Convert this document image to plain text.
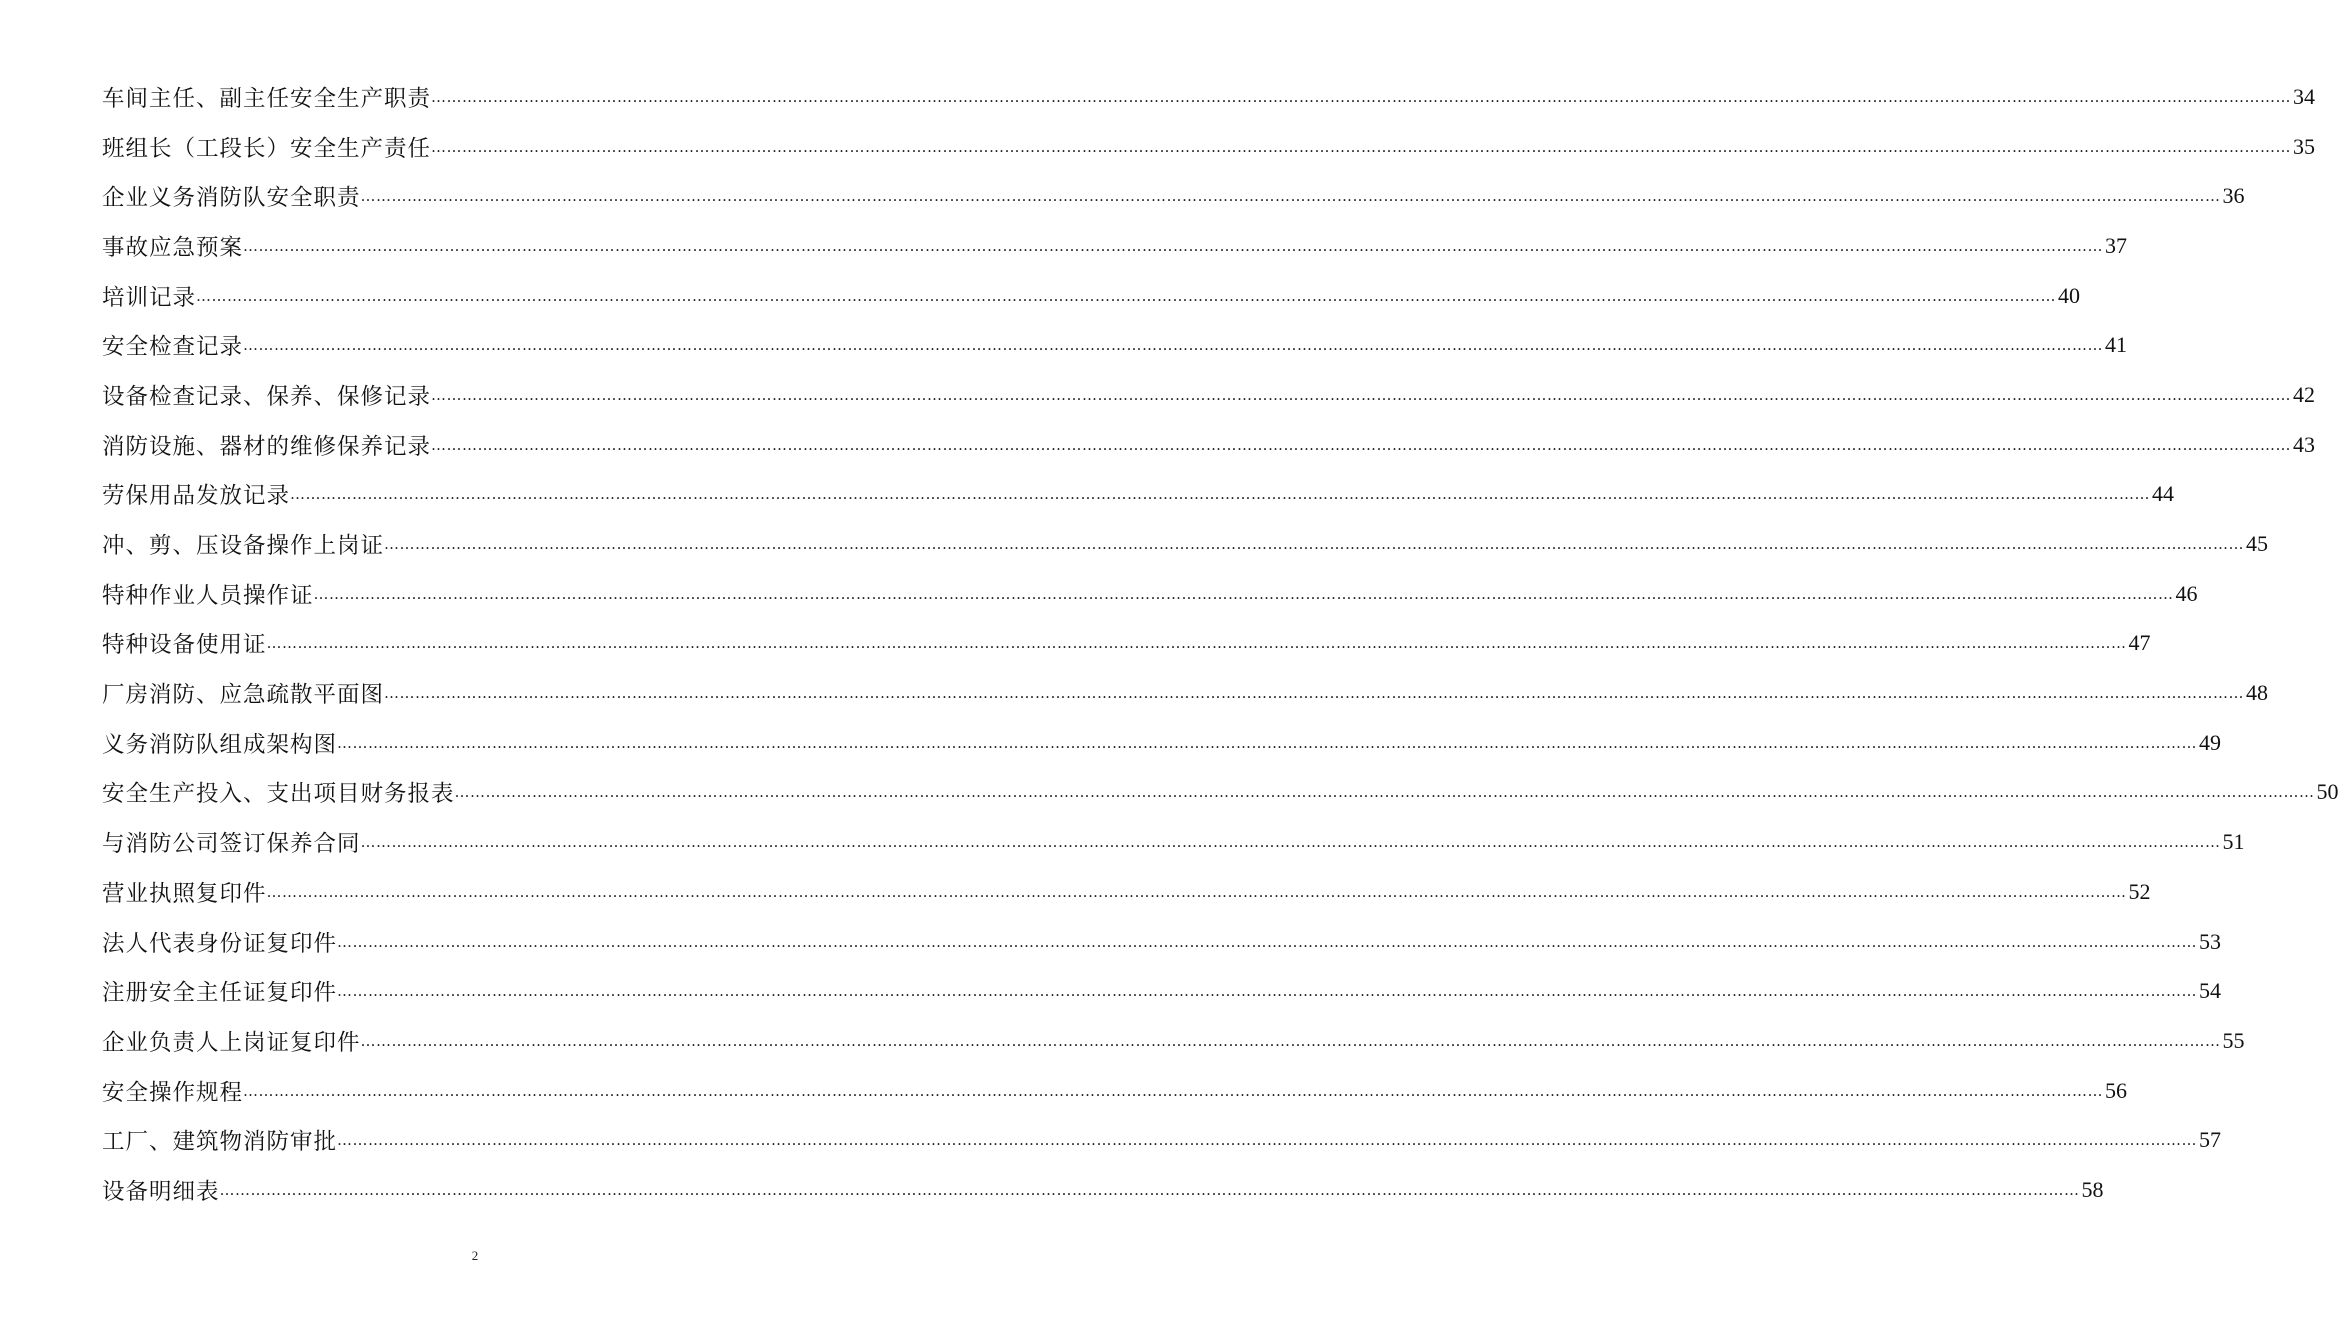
车间主任、副主任安全生产职责 ……………………………………………………………………………………………………………………………………………………………………………………………………………………………………………………………………………………………………………………………… 34
班组长（工段长）安全生产责任 ……………………………………………………………………………………………………………………………………………………………………………………………………………………………………………………………………………………………………………………………… 35
企业义务消防队安全职责 ……………………………………………………………………………………………………………………………………………………………………………………………………………………………………………………………………………………………………………………………… 36
事故应急预案 ……………………………………………………………………………………………………………………………………………………………………………………………………………………………………………………………………………………………………………………………… 37
培训记录 ……………………………………………………………………………………………………………………………………………………………………………………………………………………………………………………………………………………………………………………………… 40
安全检查记录 ……………………………………………………………………………………………………………………………………………………………………………………………………………………………………………………………………………………………………………………………… 41
设备检查记录、保养、保修记录 ……………………………………………………………………………………………………………………………………………………………………………………………………………………………………………………………………………………………………………………………… 42
消防设施、器材的维修保养记录 ……………………………………………………………………………………………………………………………………………………………………………………………………………………………………………………………………………………………………………………………… 43
劳保用品发放记录 ……………………………………………………………………………………………………………………………………………………………………………………………………………………………………………………………………………………………………………………………… 44
冲、剪、压设备操作上岗证 ……………………………………………………………………………………………………………………………………………………………………………………………………………………………………………………………………………………………………………………………… 45
特种作业人员操作证 ……………………………………………………………………………………………………………………………………………………………………………………………………………………………………………………………………………………………………………………………… 46
特种设备使用证 ……………………………………………………………………………………………………………………………………………………………………………………………………………………………………………………………………………………………………………………………… 47
厂房消防、应急疏散平面图 ……………………………………………………………………………………………………………………………………………………………………………………………………………………………………………………………………………………………………………………………… 48
义务消防队组成架构图 ……………………………………………………………………………………………………………………………………………………………………………………………………………………………………………………………………………………………………………………………… 49
安全生产投入、支出项目财务报表 ……………………………………………………………………………………………………………………………………………………………………………………………………………………………………………………………………………………………………………………………… 50
与消防公司签订保养合同 ……………………………………………………………………………………………………………………………………………………………………………………………………………………………………………………………………………………………………………………………… 51
营业执照复印件 ……………………………………………………………………………………………………………………………………………………………………………………………………………………………………………………………………………………………………………………………… 52
法人代表身份证复印件 ……………………………………………………………………………………………………………………………………………………………………………………………………………………………………………………………………………………………………………………………… 53
注册安全主任证复印件 ……………………………………………………………………………………………………………………………………………………………………………………………………………………………………………………………………………………………………………………………… 54
企业负责人上岗证复印件 ……………………………………………………………………………………………………………………………………………………………………………………………………………………………………………………………………………………………………………………………… 55
安全操作规程 ……………………………………………………………………………………………………………………………………………………………………………………………………………………………………………………………………………………………………………………………… 56
工厂、建筑物消防审批 ……………………………………………………………………………………………………………………………………………………………………………………………………………………………………………………………………………………………………………………………… 57
设备明细表 ……………………………………………………………………………………………………………………………………………………………………………………………………………………………………………………………………………………………………………………………… 58
2
